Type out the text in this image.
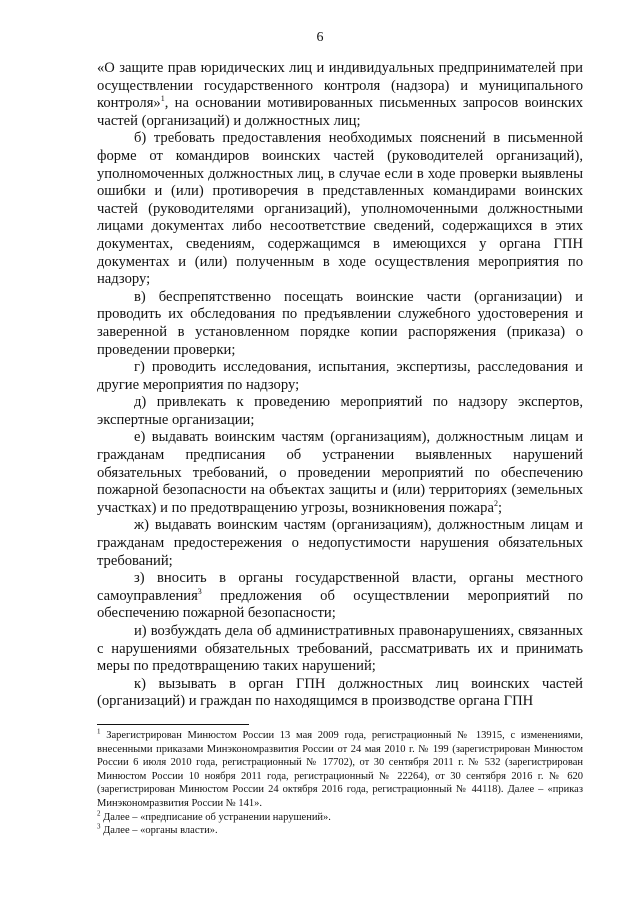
6

«О защите прав юридических лиц и индивидуальных предпринимателей при осуществлении государственного контроля (надзора) и муниципального контроля»$^1$, на основании мотивированных письменных запросов воинских частей (организаций) и должностных лиц;

б) требовать предоставления необходимых пояснений в письменной форме от командиров воинских частей (руководителей организаций), уполномоченных должностных лиц, в случае если в ходе проверки выявлены ошибки и (или) противоречия в представленных командирами воинских частей (руководителями организаций), уполномоченными должностными лицами документах либо несоответствие сведений, содержащихся в этих документах, сведениям, содержащимся в имеющихся у органа ГПН документах и (или) полученным в ходе осуществления мероприятия по надзору;

в) беспрепятственно посещать воинские части (организации) и проводить их обследования по предъявлении служебного удостоверения и заверенной в установленном порядке копии распоряжения (приказа) о проведении проверки;

г) проводить исследования, испытания, экспертизы, расследования и другие мероприятия по надзору;

д) привлекать к проведению мероприятий по надзору экспертов, экспертные организации;

е) выдавать воинским частям (организациям), должностным лицам и гражданам предписания об устранении выявленных нарушений обязательных требований, о проведении мероприятий по обеспечению пожарной безопасности на объектах защиты и (или) территориях (земельных участках) и по предотвращению угрозы, возникновения пожара$^2$;

ж) выдавать воинским частям (организациям), должностным лицам и гражданам предостережения о недопустимости нарушения обязательных требований;

з) вносить в органы государственной власти, органы местного самоуправления$^3$ предложения об осуществлении мероприятий по обеспечению пожарной безопасности;

и) возбуждать дела об административных правонарушениях, связанных с нарушениями обязательных требований, рассматривать их и принимать меры по предотвращению таких нарушений;

к) вызывать в орган ГПН должностных лиц воинских частей (организаций) и граждан по находящимся в производстве органа ГПН

$^1$ Зарегистрирован Минюстом России 13 мая 2009 года, регистрационный № 13915, с изменениями, внесенными приказами Минэкономразвития России от 24 мая 2010 г. № 199 (зарегистрирован Минюстом России 6 июля 2010 года, регистрационный № 17702), от 30 сентября 2011 г. № 532 (зарегистрирован Минюстом России 10 ноября 2011 года, регистрационный № 22264), от 30 сентября 2016 г. № 620 (зарегистрирован Минюстом России 24 октября 2016 года, регистрационный № 44118). Далее – «приказ Минэкономразвития России № 141».

$^2$ Далее – «предписание об устранении нарушений».

$^3$ Далее – «органы власти».
